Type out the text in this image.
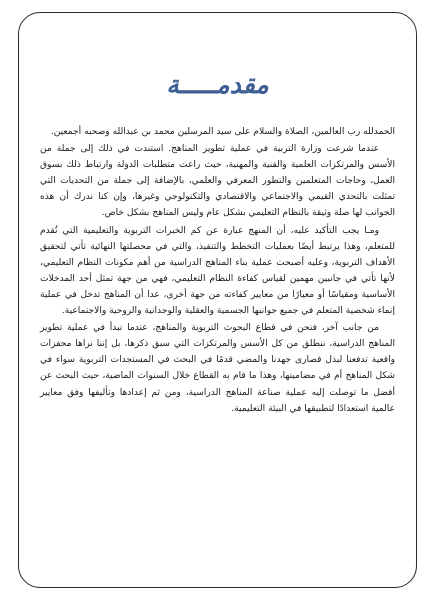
مقدمـــــة

الحمدلله رب العالمين، الصلاة والسلام على سيد المرسلين محمد بن عبدالله وصحبه أجمعين.

عندما شرعت وزارة التربية في عملية تطوير المناهج. استندت في ذلك إلى جملة من الأسس والمرتكزات العلمية والفنية والمهنية، حيث راعت متطلبات الدولة وارتباط ذلك بسوق العمل، وحاجات المتعلمين والتطور المعرفي والعلمي، بالإضافة إلى جملة من التحديات التي تمثلت بالتحدي القيمي والاجتماعي والاقتصادي والتكنولوجي وغيرها، وإن كنا ندرك أن هذه الجوانب لها صلة وثيقة بالنظام التعليمي بشكل عام وليس المناهج بشكل خاص.

ومـا يجب التأكيد عليه، أن المنهج عبارة عن كم الخبرات التربوية والتعليمية التي تُقدم للمتعلم، وهذا يرتبط أيضًا بعمليات التخطط والتنفيذ، والتي في محصلتها النهائية تأتي لتحقيق الأهداف التربوية، وعليه أصبحت عملية بناء المناهج الدراسية من أهم مكونات النظام التعليمي، لأنها تأتي في جانبين مهمين لقياس كفاءة النظام التعليمي، فهي من جهة تمثل أحد المدخلات الأساسية ومقياسًا أو معيارًا من معايير كفاءته من جهة أخرى، عدا أن المناهج تدخل في عملية إنماء شخصية المتعلم في جميع جوانبها الجسمية والعقلية والوجدانية والروحية والاجتماعية.

من جانب آخر، فنحن في قطاع البحوث التربوية والمناهج، عندما نبدأ في عملية تطوير المناهج الدراسية، ننطلق من كل الأسس والمرتكزات التي سبق ذكرها، بل إننا نراها محفزات واقعية تدفعنا لبذل قصارى جهدنا والمضي قدمًا في البحث في المستجدات التربوية سواء في شكل المناهج أم في مضامينها، وهذا ما قام به القطاع خلال السنوات الماضية، حيث البحث عن أفضل ما توصلت إليه عملية صناعة المناهج الدراسية، ومن ثم إعدادها وتأليفها وفق معايير عالمية استعدادًا لتطبيقها في البيئة التعليمية.
